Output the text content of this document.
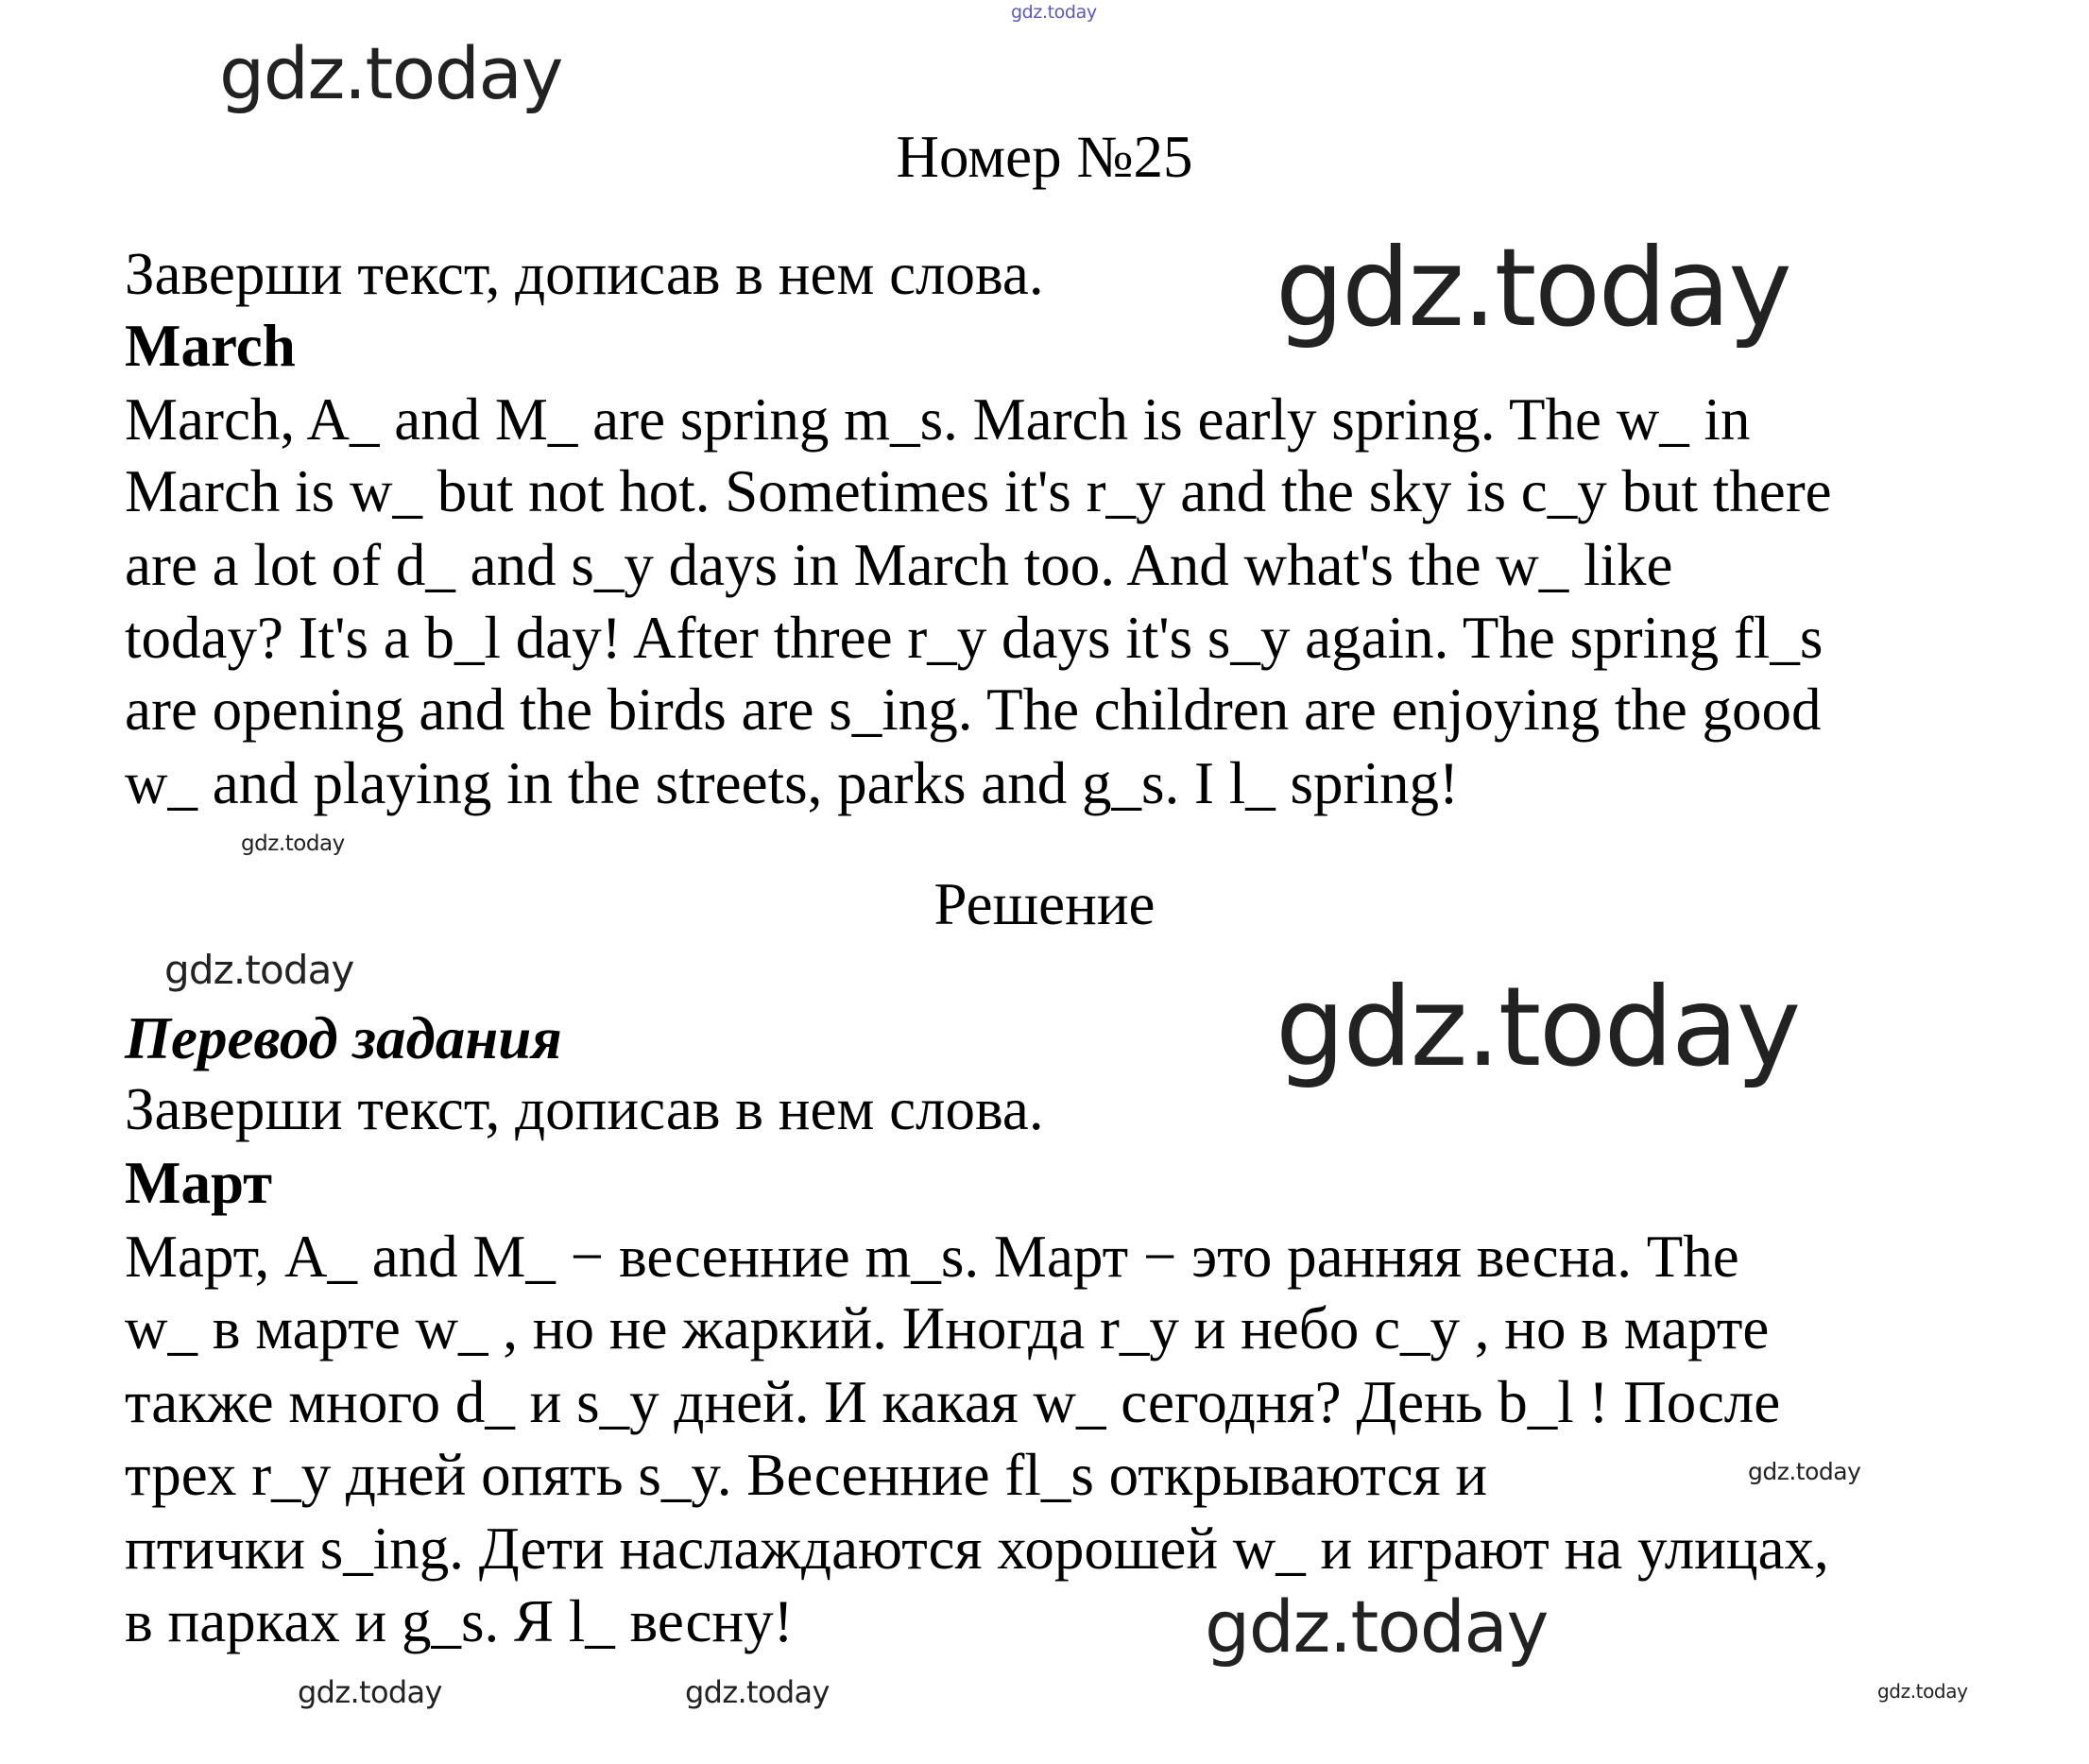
gdz.today
gdz.today
gdz.today
gdz.today
gdz.today	gdz.today
gdz.today
gdz.today	gdz.today
gdz.today
gdz.today
Номер №25
Заверши текст, дописав в нем слова.
March
March, A_ and M_ are spring m_s. March is early spring. The w_ in
March is w_ but not hot. Sometimes it's r_y and the sky is c_y but there
are a lot of d_ and s_y days in March too. And what's the w_ like
today? It's a b_l day! After three r_y days it's s_y again. The spring fl_s
are opening and the birds are s_ing. The children are enjoying the good
w_ and playing in the streets, parks and g_s. I l_ spring!
Решение
Перевод задания
Заверши текст, дописав в нем слова.
Март
Март, A_ and M_ − весенние m_s. Март − это ранняя весна. The
w_ в марте w_ , но не жаркий. Иногда r_y и небо c_y , но в марте
также много d_ и s_y дней. И какая w_ сегодня? День b_l ! После
трех r_y дней опять s_y. Весенние fl_s открываются и
птички s_ing. Дети наслаждаются хорошей w_ и играют на улицах,
в парках и g_s. Я l_ весну!
